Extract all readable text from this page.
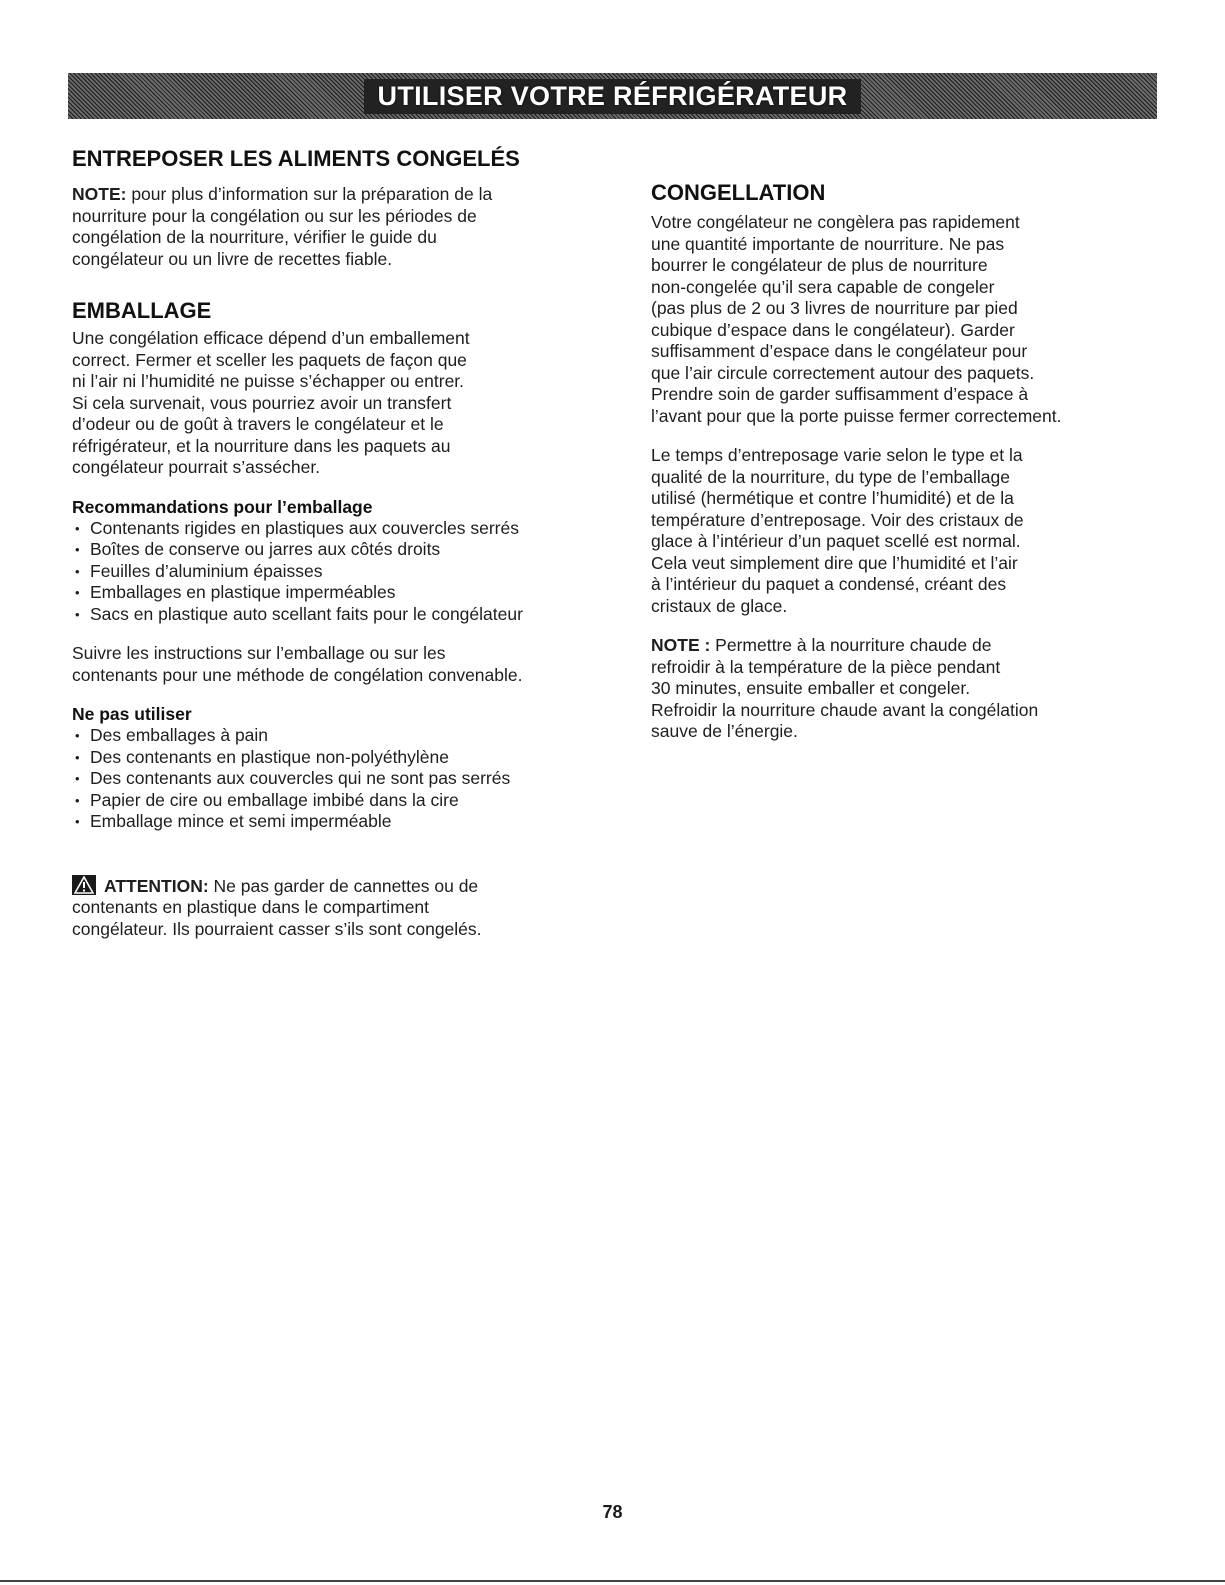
UTILISER VOTRE RÉFRIGÉRATEUR
ENTREPOSER LES ALIMENTS CONGELÉS

NOTE: pour plus d’information sur la préparation de la

nourriture pour la congélation ou sur les périodes de

congélation de la nourriture, vérifier le guide du

congélateur ou un livre de recettes fiable.

EMBALLAGE

Une congélation efficace dépend d’un emballement

correct. Fermer et sceller les paquets de façon que

ni l’air ni l’humidité ne puisse s’échapper ou entrer.

Si cela survenait, vous pourriez avoir un transfert

d’odeur ou de goût à travers le congélateur et le

réfrigérateur, et la nourriture dans les paquets au

congélateur pourrait s’assécher.

Recommandations pour l’emballage
• Contenants rigides en plastiques aux couvercles serrés
• Boîtes de conserve ou jarres aux côtés droits
• Feuilles d’aluminium épaisses
• Emballages en plastique imperméables
• Sacs en plastique auto scellant faits pour le congélateur

Suivre les instructions sur l’emballage ou sur les

contenants pour une méthode de congélation convenable.

Ne pas utiliser
• Des emballages à pain
• Des contenants en plastique non-polyéthylène
• Des contenants aux couvercles qui ne sont pas serrés
• Papier de cire ou emballage imbibé dans la cire
• Emballage mince et semi imperméable

ATTENTION: Ne pas garder de cannettes ou de

contenants en plastique dans le compartiment

congélateur. Ils pourraient casser s’ils sont congelés.

CONGELLATION

Votre congélateur ne congèlera pas rapidement

une quantité importante de nourriture. Ne pas

bourrer le congélateur de plus de nourriture

non-congelée qu’il sera capable de congeler

(pas plus de 2 ou 3 livres de nourriture par pied

cubique d’espace dans le congélateur). Garder

suffisamment d’espace dans le congélateur pour

que l’air circule correctement autour des paquets.

Prendre soin de garder suffisamment d’espace à

l’avant pour que la porte puisse fermer correctement.

Le temps d’entreposage varie selon le type et la

qualité de la nourriture, du type de l’emballage

utilisé (hermétique et contre l’humidité) et de la

température d’entreposage. Voir des cristaux de

glace à l’intérieur d’un paquet scellé est normal.

Cela veut simplement dire que l’humidité et l’air

à l’intérieur du paquet a condensé, créant des

cristaux de glace.

NOTE : Permettre à la nourriture chaude de

refroidir à la température de la pièce pendant

30 minutes, ensuite emballer et congeler.

Refroidir la nourriture chaude avant la congélation

sauve de l’énergie.

78
